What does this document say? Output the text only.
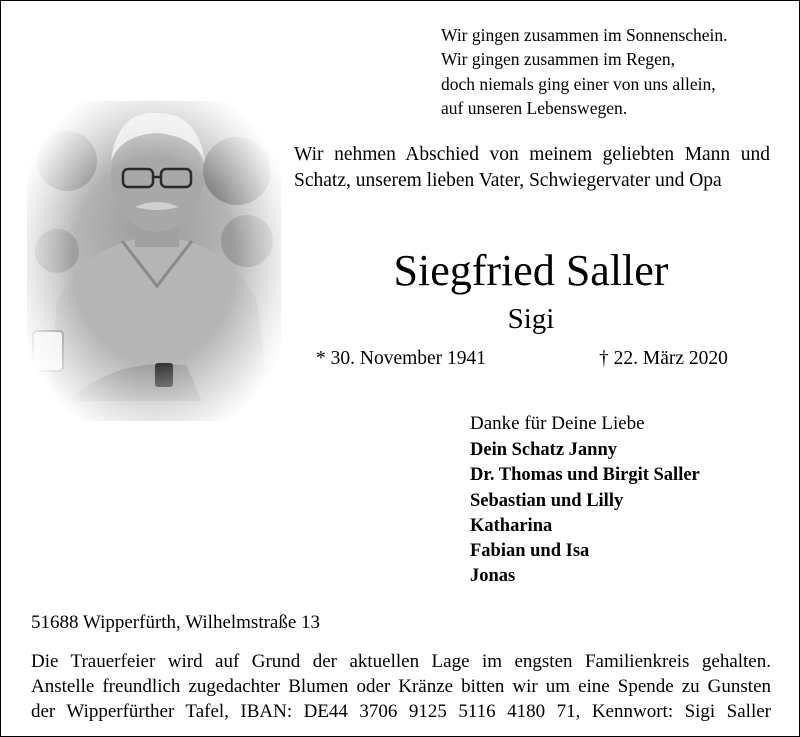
Wir gingen zusammen im Sonnenschein.
Wir gingen zusammen im Regen,
doch niemals ging einer von uns allein,
auf unseren Lebenswegen.
Wir nehmen Abschied von meinem geliebten Mann und Schatz, unserem lieben Vater, Schwiegervater und Opa
Siegfried Saller
Sigi
* 30. November 1941	† 22. März 2020
Danke für Deine Liebe
Dein Schatz Janny
Dr. Thomas und Birgit Saller
Sebastian und Lilly
Katharina
Fabian und Isa
Jonas
51688 Wipperfürth, Wilhelmstraße 13
Die Trauerfeier wird auf Grund der aktuellen Lage im engsten Familienkreis gehalten.
Anstelle freundlich zugedachter Blumen oder Kränze bitten wir um eine Spende zu Gunsten
der Wipperfürther Tafel, IBAN: DE44 3706 9125 5116 4180 71, Kennwort: Sigi Saller
